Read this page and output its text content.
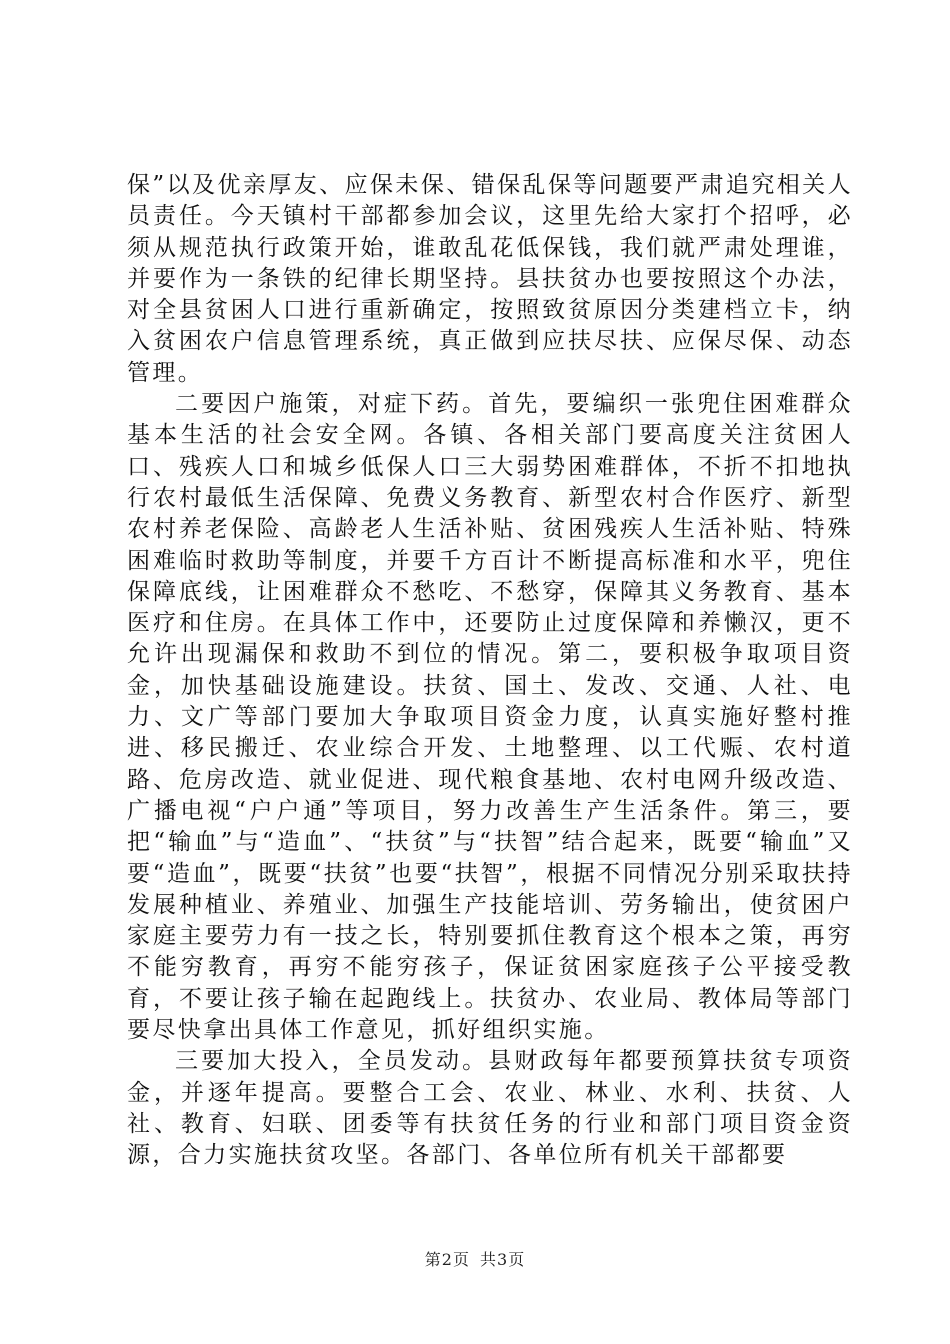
保”以及优亲厚友、应保未保、错保乱保等问题要严肃追究相关人员责任。今天镇村干部都参加会议，这里先给大家打个招呼，必须从规范执行政策开始，谁敢乱花低保钱，我们就严肃处理谁，并要作为一条铁的纪律长期坚持。县扶贫办也要按照这个办法，对全县贫困人口进行重新确定，按照致贫原因分类建档立卡，纳入贫困农户信息管理系统，真正做到应扶尽扶、应保尽保、动态管理。

二要因户施策，对症下药。首先，要编织一张兜住困难群众基本生活的社会安全网。各镇、各相关部门要高度关注贫困人口、残疾人口和城乡低保人口三大弱势困难群体，不折不扣地执行农村最低生活保障、免费义务教育、新型农村合作医疗、新型农村养老保险、高龄老人生活补贴、贫困残疾人生活补贴、特殊困难临时救助等制度，并要千方百计不断提高标准和水平，兜住保障底线，让困难群众不愁吃、不愁穿，保障其义务教育、基本医疗和住房。在具体工作中，还要防止过度保障和养懒汉，更不允许出现漏保和救助不到位的情况。第二，要积极争取项目资金，加快基础设施建设。扶贫、国土、发改、交通、人社、电力、文广等部门要加大争取项目资金力度，认真实施好整村推进、移民搬迁、农业综合开发、土地整理、以工代赈、农村道路、危房改造、就业促进、现代粮食基地、农村电网升级改造、广播电视“户户通”等项目，努力改善生产生活条件。第三，要把“输血”与“造血”、“扶贫”与“扶智”结合起来，既要“输血”又要“造血”，既要“扶贫”也要“扶智”，根据不同情况分别采取扶持发展种植业、养殖业、加强生产技能培训、劳务输出，使贫困户家庭主要劳力有一技之长，特别要抓住教育这个根本之策，再穷不能穷教育，再穷不能穷孩子，保证贫困家庭孩子公平接受教育，不要让孩子输在起跑线上。扶贫办、农业局、教体局等部门要尽快拿出具体工作意见，抓好组织实施。

三要加大投入，全员发动。县财政每年都要预算扶贫专项资金，并逐年提高。要整合工会、农业、林业、水利、扶贫、人社、教育、妇联、团委等有扶贫任务的行业和部门项目资金资源，合力实施扶贫攻坚。各部门、各单位所有机关干部都要

第2页 共3页
